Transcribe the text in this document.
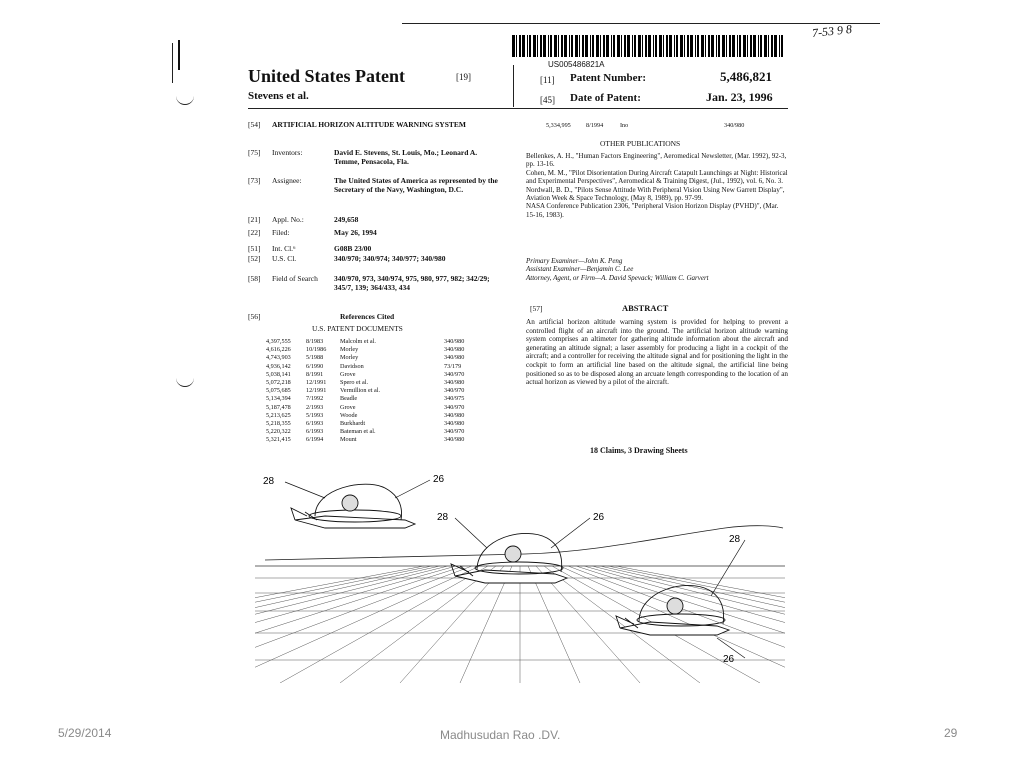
7-53 9 8
US005486821A
United States Patent	[19]
Stevens et al.
[11] Patent Number:	5,486,821
[45] Date of Patent:	Jan. 23, 1996
[54] ARTIFICIAL HORIZON ALTITUDE WARNING SYSTEM
[75] Inventors:	David E. Stevens, St. Louis, Mo.; Leonard A. Temme, Pensacola, Fla.
[73] Assignee:	The United States of America as represented by the Secretary of the Navy, Washington, D.C.
[21] Appl. No.:	249,658
[22] Filed:	May 26, 1994
[51] Int. Cl.⁶	G08B 23/00
[52] U.S. Cl.	340/970; 340/974; 340/977; 340/980
[58] Field of Search 340/970, 973, 340/974, 975, 980, 977, 982; 342/29; 345/7, 139; 364/433, 434
[56]	References Cited
U.S. PATENT DOCUMENTS
4,397,555 8/1983	Malcolm et al.	340/980
4,616,226 10/1986 Morley	340/980
4,743,903 5/1988	Morley	340/980
4,936,142 6/1990	Davidson	73/179
5,038,141 8/1991	Grove	340/970
5,072,218 12/1991 Spero et al.	340/980
5,075,685 12/1991 Vermillion et al.	340/970
5,134,394 7/1992	Beadle	340/975
5,187,478 2/1993	Grove	340/970
5,213,625 5/1993	Woode	340/980
5,218,355 6/1993	Burkhardt	340/980
5,220,322 6/1993	Bateman et al.	340/970
5,321,415 6/1994	Mount	340/980
5,334,995 8/1994	Ino	340/980
OTHER PUBLICATIONS
Bellenkes, A. H., "Human Factors Engineering", Aeromedical Newsletter, (Mar. 1992), 92-3, pp. 13-16.
Cohen, M. M., "Pilot Disorientation During Aircraft Catapult Launchings at Night: Historical and Experimental Perspectives", Aeromedical & Training Digest, (Jul., 1992), vol. 6, No. 3.
Nordwall, B. D., "Pilots Sense Attitude With Peripheral Vision Using New Garrett Display", Aviation Week & Space Technology, (May 8, 1989), pp. 97-99.
NASA Conference Publication 2306, "Peripheral Vision Horizon Display (PVHD)", (Mar. 15-16, 1983).
Primary Examiner—John K. Peng
Assistant Examiner—Benjamin C. Lee
Attorney, Agent, or Firm—A. David Spevack; William C. Garvert
[57]	ABSTRACT
An artificial horizon altitude warning system is provided for helping to prevent a controlled flight of an aircraft into the ground. The artificial horizon altitude warning system comprises an altimeter for gathering altitude information about the aircraft and generating an altitude signal; a laser assembly for producing a light in a cockpit of the aircraft; and a controller for receiving the altitude signal and for positioning the light in the cockpit to form an artificial line based on the altitude signal, the artificial line being positioned so as to be disposed along an arcuate length corresponding to the location of an actual horizon as viewed by a pilot of the aircraft.
18 Claims, 3 Drawing Sheets
28	26
28	26
28
26
5/29/2014	Madhusudan Rao .DV.	29
